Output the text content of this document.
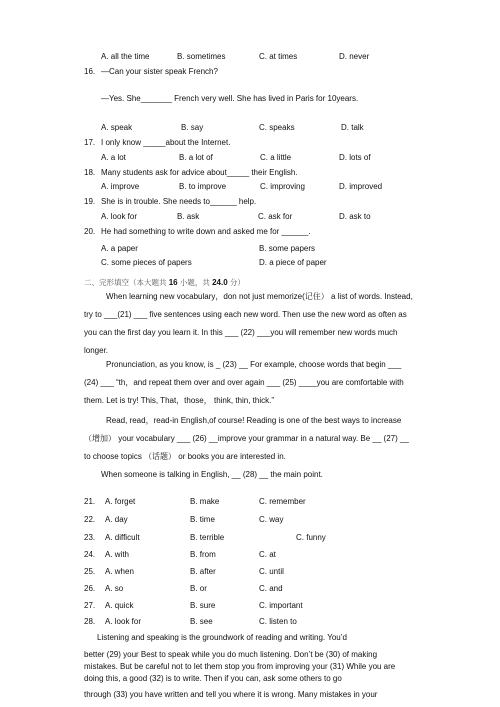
A. all the time	B. sometimes	C. at times	D. never
16. —Can your sister speak French?
—Yes. She_______ French very well. She has lived in Paris for 10years.
A. speak	B. say	C. speaks	D. talk
17. I only know _____about the Internet.
A. a lot	B. a lot of	C. a little	D. lots of
18. Many students ask for advice about_____ their English.
A. improve	B. to improve	C. improving	D. improved
19. She is in trouble. She needs to______ help.
A. look for	B. ask	C. ask for	D. ask to
20. He had something to write down and asked me for ______.
A. a paper	B. some papers
C. some pieces of papers	D. a piece of paper
二、完形填空（本大题共 16 小题，共 24.0 分）
When learning new vocabulary，don not just memorize(记住） a list of words. Instead, try to ___(21) ___ five sentences using each new word. Then use the new word as often as you can the first day you learn it. In this ___ (22) ___you will remember new words much longer.
Pronunciation, as you know, is _ (23) __ For example, choose words that begin ___ (24) ___ “th，and repeat them over and over again ___ (25) ____you are comfortable with them. Let is try! This, That，those， think, thin, thick.”
Read, read，read-in English,of course! Reading is one of the best ways to increase （增加） your vocabulary ___ (26) __improve your grammar in a natural way. Be __ (27) __ to choose topics （话题） or books you are interested in.
When someone is talking in English, __ (28) __ the main point.
21. A. forget	B. make	C. remember
22. A. day	B. time	C. way
23. A. difficult	B. terrible	C. funny
24. A. with	B. from	C. at
25. A. when	B. after	C. until
26. A. so	B. or	C. and
27. A. quick	B. sure	C. important
28. A. look for	B. see	C. listen to
Listening and speaking is the groundwork of reading and writing. You’d
better (29) your Best to speak while you do much listening. Don’t be (30) of making
mistakes. But be careful not to let them stop you from improving your (31) While you are
doing this, a good (32) is to write. Then if you can, ask some others to go
through (33) you have written and tell you where it is wrong. Many mistakes in your
